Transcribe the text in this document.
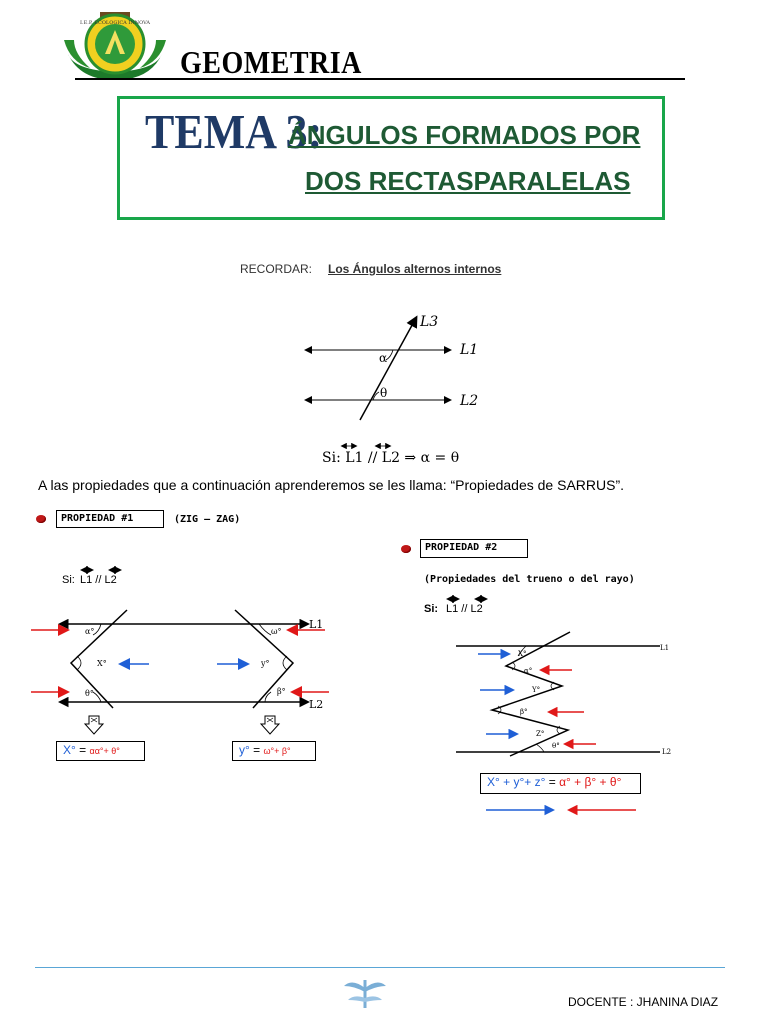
I.E.P. ECOLOGICA INNOVA
GEOMETRIA
TEMA 3:
ÁNGULOS FORMADOS POR
DOS RECTASPARALELAS
RECORDAR: Los Ángulos alternos internos
L3
L1
L2
α
θ
Si: L1 // L2 ⇒ α = θ
A las propiedades que a continuación aprenderemos se les llama: “Propiedades de SARRUS”.
PROPIEDAD #1	(ZIG – ZAG)
Si: L1 // L2
α°
X°
θ°
ω°
y°
β°
L1
L2
X° = αα°+ θ°	y° = ω°+ β°
PROPIEDAD #2
(Propiedades del trueno o del rayo)
Si: L1 // L2
X°
α°
Y°
β°
Z°
θ°
L1
L2
X° + y°+ z° = α° + β° + θ°
DOCENTE : JHANINA DIAZ
